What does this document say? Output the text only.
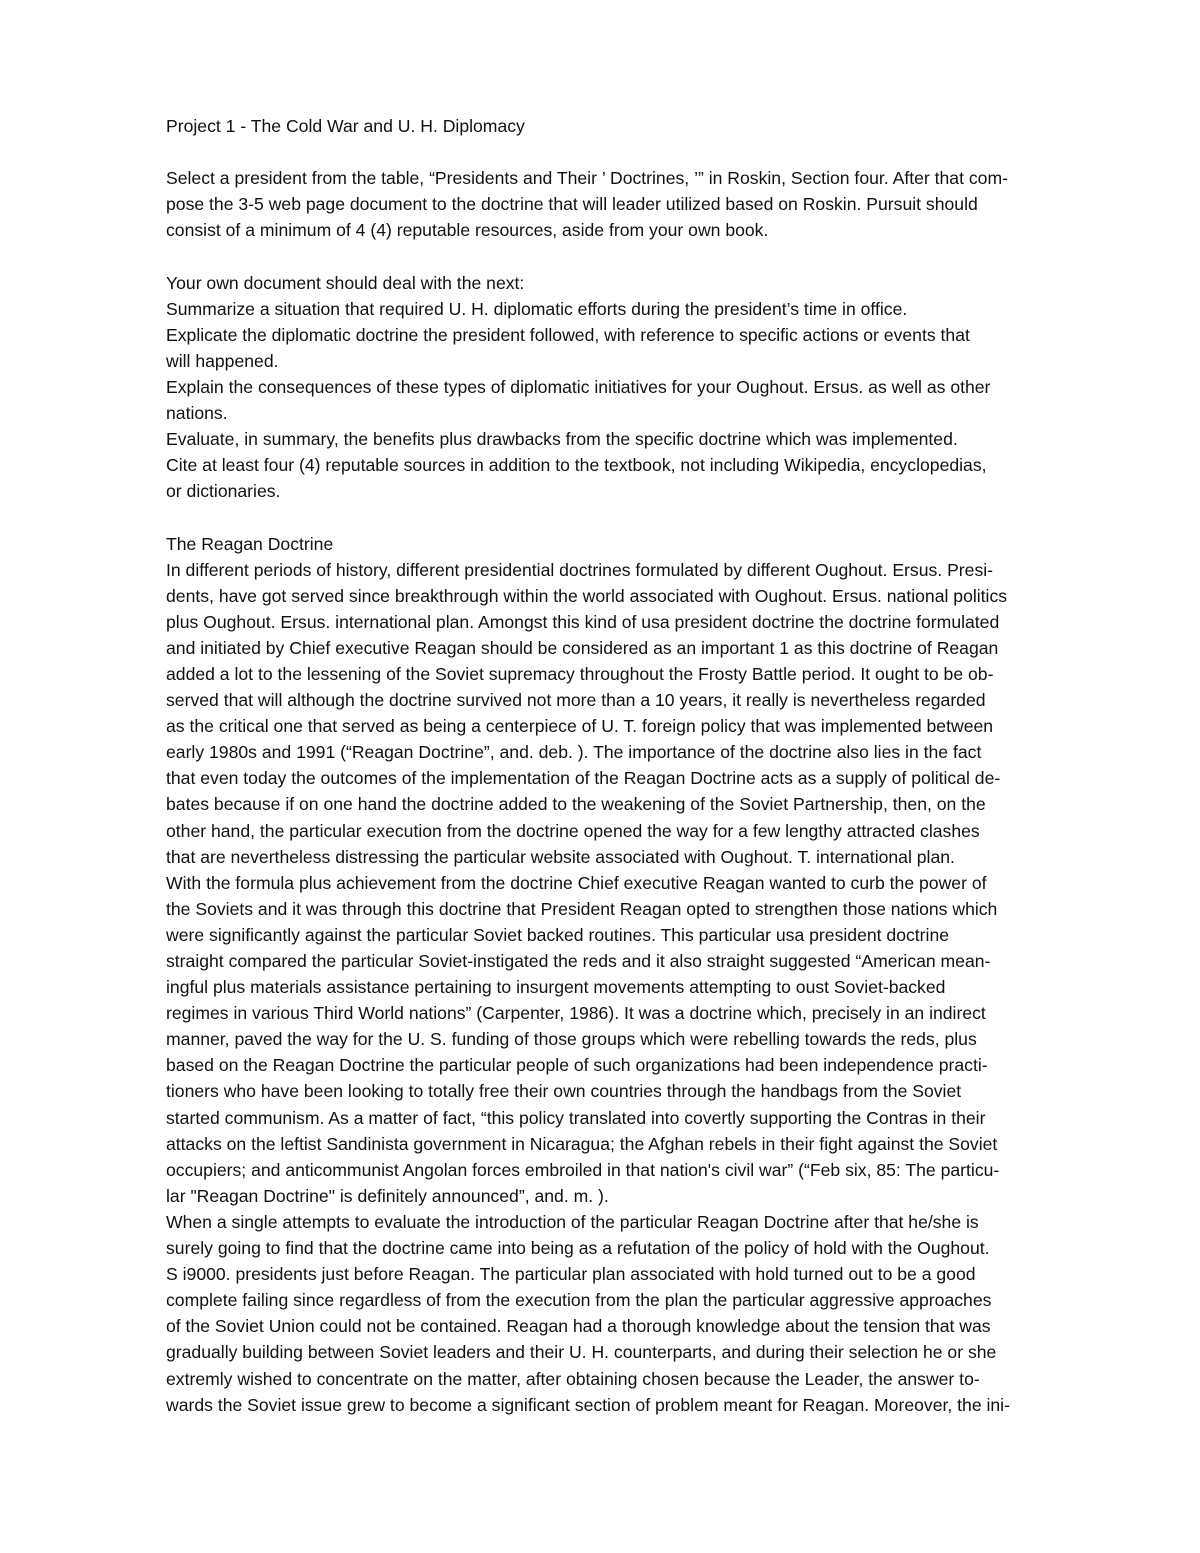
Project 1 - The Cold War and U. H. Diplomacy
Select a president from the table, “Presidents and Their ’ Doctrines, ’” in Roskin, Section four. After that com-
pose the 3-5 web page document to the doctrine that will leader utilized based on Roskin. Pursuit should
consist of a minimum of 4 (4) reputable resources, aside from your own book.
Your own document should deal with the next:
Summarize a situation that required U. H. diplomatic efforts during the president’s time in office.
Explicate the diplomatic doctrine the president followed, with reference to specific actions or events that
will happened.
Explain the consequences of these types of diplomatic initiatives for your Oughout. Ersus. as well as other
nations.
Evaluate, in summary, the benefits plus drawbacks from the specific doctrine which was implemented.
Cite at least four (4) reputable sources in addition to the textbook, not including Wikipedia, encyclopedias,
or dictionaries.
The Reagan Doctrine
In different periods of history, different presidential doctrines formulated by different Oughout. Ersus. Presi-
dents, have got served since breakthrough within the world associated with Oughout. Ersus. national politics
plus Oughout. Ersus. international plan. Amongst this kind of usa president doctrine the doctrine formulated
and initiated by Chief executive Reagan should be considered as an important 1 as this doctrine of Reagan
added a lot to the lessening of the Soviet supremacy throughout the Frosty Battle period. It ought to be ob-
served that will although the doctrine survived not more than a 10 years, it really is nevertheless regarded
as the critical one that served as being a centerpiece of U. T. foreign policy that was implemented between
early 1980s and 1991 (“Reagan Doctrine”, and. deb. ). The importance of the doctrine also lies in the fact
that even today the outcomes of the implementation of the Reagan Doctrine acts as a supply of political de-
bates because if on one hand the doctrine added to the weakening of the Soviet Partnership, then, on the
other hand, the particular execution from the doctrine opened the way for a few lengthy attracted clashes
that are nevertheless distressing the particular website associated with Oughout. T. international plan.
With the formula plus achievement from the doctrine Chief executive Reagan wanted to curb the power of
the Soviets and it was through this doctrine that President Reagan opted to strengthen those nations which
were significantly against the particular Soviet backed routines. This particular usa president doctrine
straight compared the particular Soviet-instigated the reds and it also straight suggested “American mean-
ingful plus materials assistance pertaining to insurgent movements attempting to oust Soviet-backed
regimes in various Third World nations” (Carpenter, 1986). It was a doctrine which, precisely in an indirect
manner, paved the way for the U. S. funding of those groups which were rebelling towards the reds, plus
based on the Reagan Doctrine the particular people of such organizations had been independence practi-
tioners who have been looking to totally free their own countries through the handbags from the Soviet
started communism. As a matter of fact, “this policy translated into covertly supporting the Contras in their
attacks on the leftist Sandinista government in Nicaragua; the Afghan rebels in their fight against the Soviet
occupiers; and anticommunist Angolan forces embroiled in that nation's civil war” (“Feb six, 85: The particu-
lar "Reagan Doctrine" is definitely announced”, and. m. ).
When a single attempts to evaluate the introduction of the particular Reagan Doctrine after that he/she is
surely going to find that the doctrine came into being as a refutation of the policy of hold with the Oughout.
S i9000. presidents just before Reagan. The particular plan associated with hold turned out to be a good
complete failing since regardless of from the execution from the plan the particular aggressive approaches
of the Soviet Union could not be contained. Reagan had a thorough knowledge about the tension that was
gradually building between Soviet leaders and their U. H. counterparts, and during their selection he or she
extremly wished to concentrate on the matter, after obtaining chosen because the Leader, the answer to-
wards the Soviet issue grew to become a significant section of problem meant for Reagan. Moreover, the ini-
